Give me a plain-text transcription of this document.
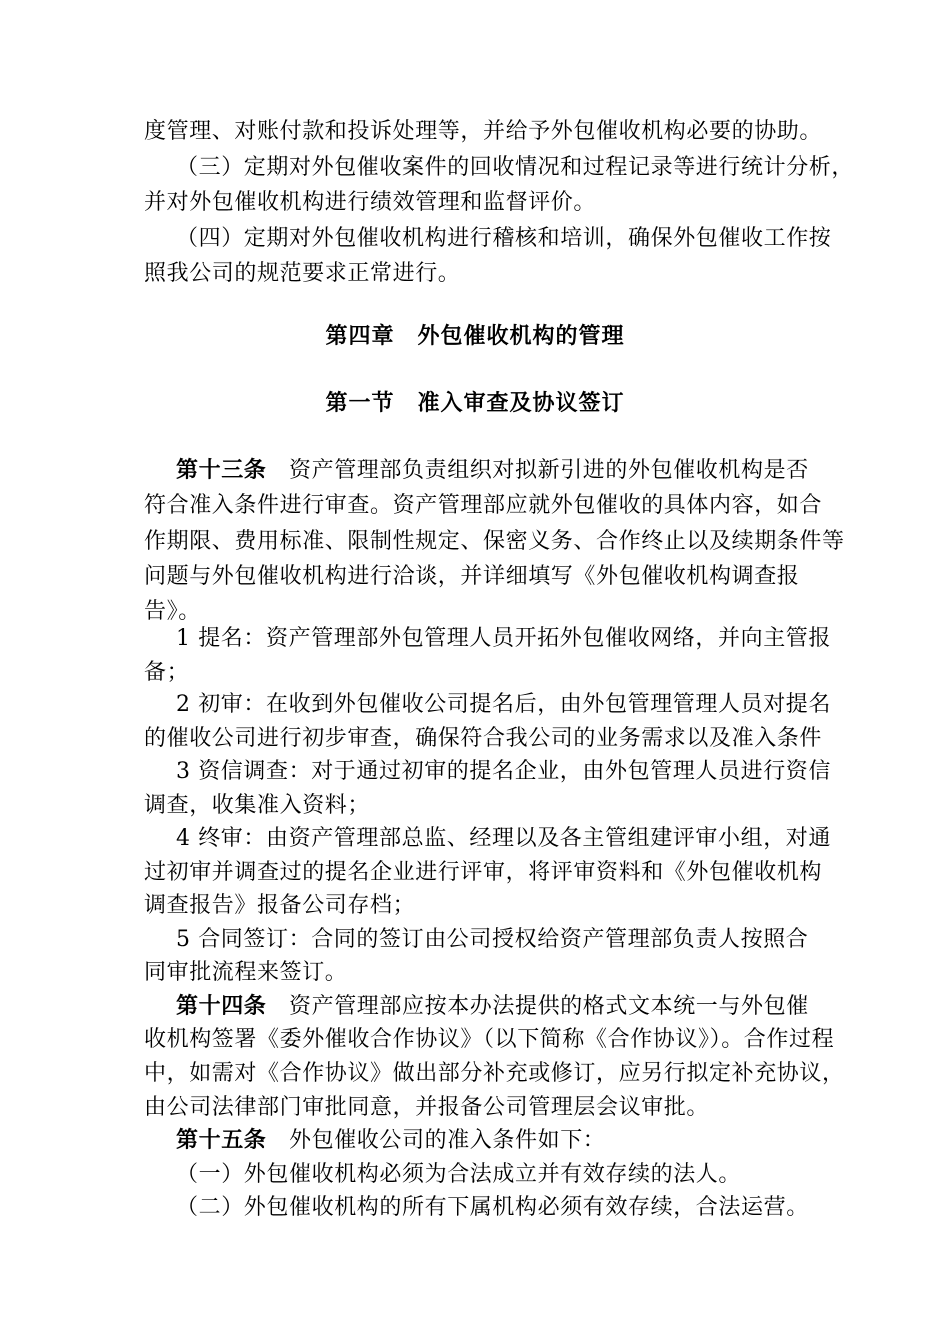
度管理、对账付款和投诉处理等，并给予外包催收机构必要的协助。
（三）定期对外包催收案件的回收情况和过程记录等进行统计分析，
并对外包催收机构进行绩效管理和监督评价。
（四）定期对外包催收机构进行稽核和培训，确保外包催收工作按
照我公司的规范要求正常进行。
第四章　外包催收机构的管理
第一节　准入审查及协议签订
第十三条　资产管理部负责组织对拟新引进的外包催收机构是否
符合准入条件进行审查。资产管理部应就外包催收的具体内容，如合
作期限、费用标准、限制性规定、保密义务、合作终止以及续期条件等
问题与外包催收机构进行洽谈，并详细填写《外包催收机构调查报
告》。
1 提名：资产管理部外包管理人员开拓外包催收网络，并向主管报
备；
2 初审：在收到外包催收公司提名后，由外包管理管理人员对提名
的催收公司进行初步审查，确保符合我公司的业务需求以及准入条件
3 资信调查：对于通过初审的提名企业，由外包管理人员进行资信
调查，收集准入资料；
4 终审：由资产管理部总监、经理以及各主管组建评审小组，对通
过初审并调查过的提名企业进行评审，将评审资料和《外包催收机构
调查报告》报备公司存档；
5 合同签订：合同的签订由公司授权给资产管理部负责人按照合
同审批流程来签订。
第十四条　资产管理部应按本办法提供的格式文本统一与外包催
收机构签署《委外催收合作协议》（以下简称《合作协议》）。合作过程
中，如需对《合作协议》做出部分补充或修订，应另行拟定补充协议，
由公司法律部门审批同意，并报备公司管理层会议审批。
第十五条　外包催收公司的准入条件如下：
（一）外包催收机构必须为合法成立并有效存续的法人。
（二）外包催收机构的所有下属机构必须有效存续，合法运营。
